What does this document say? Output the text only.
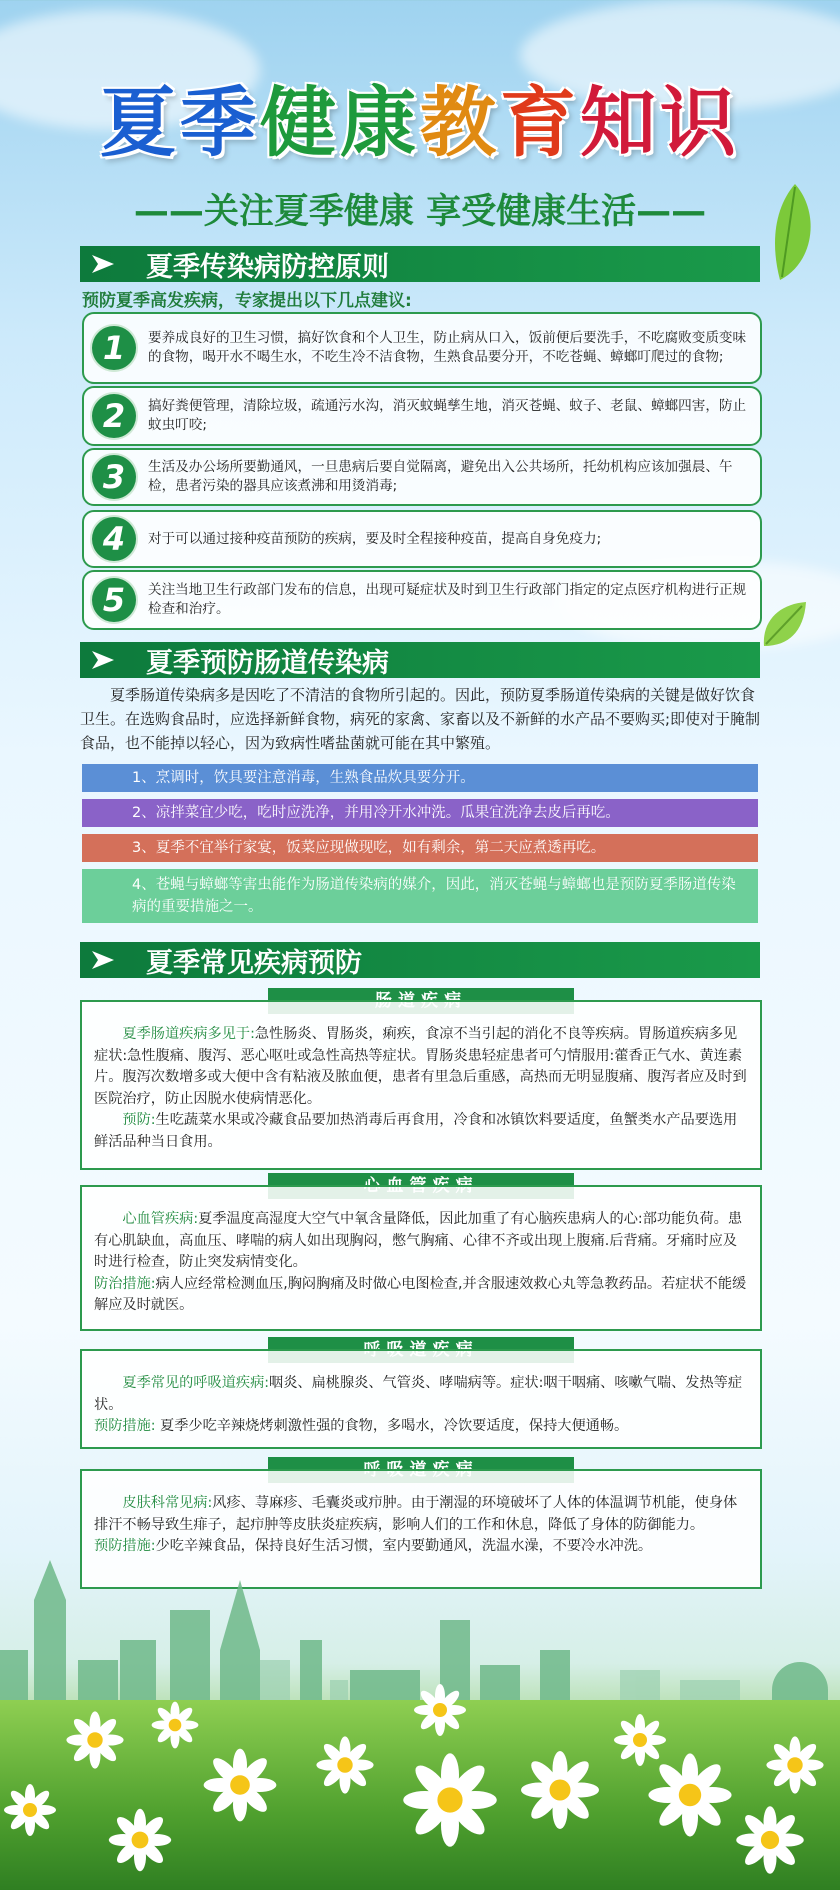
夏季健康教育知识
——关注夏季健康 享受健康生活——
夏季传染病防控原则
预防夏季高发疾病，专家提出以下几点建议:
1	要养成良好的卫生习惯，搞好饮食和个人卫生，防止病从口入，饭前便后要洗手，不吃腐败变质变味的食物，喝开水不喝生水，不吃生冷不洁食物，生熟食品要分开，不吃苍蝇、蟑螂叮爬过的食物;
2	搞好粪便管理，清除垃圾，疏通污水沟，消灭蚊蝇孳生地，消灭苍蝇、蚊子、老鼠、蟑螂四害，防止蚊虫叮咬;
3	生活及办公场所要勤通风，一旦患病后要自觉隔离，避免出入公共场所，托幼机构应该加强晨、午检，患者污染的器具应该煮沸和用烫消毒;
4	对于可以通过接种疫苗预防的疾病，要及时全程接种疫苗，提高自身免疫力;
5	关注当地卫生行政部门发布的信息，出现可疑症状及时到卫生行政部门指定的定点医疗机构进行正规检查和治疗。
夏季预防肠道传染病
夏季肠道传染病多是因吃了不清洁的食物所引起的。因此，预防夏季肠道传染病的关键是做好饮食卫生。在选购食品时，应选择新鲜食物，病死的家禽、家畜以及不新鲜的水产品不要购买;即使对于腌制食品，也不能掉以轻心，因为致病性嗜盐菌就可能在其中繁殖。
1、烹调时，饮具要注意消毒，生熟食品炊具要分开。
2、凉拌菜宜少吃，吃时应洗净，并用冷开水冲洗。瓜果宜洗净去皮后再吃。
3、夏季不宜举行家宴，饭菜应现做现吃，如有剩余，第二天应煮透再吃。
4、苍蝇与蟑螂等害虫能作为肠道传染病的媒介，因此，消灭苍蝇与蟑螂也是预防夏季肠道传染病的重要措施之一。
夏季常见疾病预防
夏季肠道疾病多见于:急性肠炎、胃肠炎，痢疾，食凉不当引起的消化不良等疾病。胃肠道疾病多见症状:急性腹痛、腹泻、恶心呕吐或急性高热等症状。胃肠炎患轻症患者可勺情服用:藿香正气水、黄连素片。腹泻次数增多或大便中含有粘液及脓血便，患者有里急后重感，高热而无明显腹痛、腹泻者应及时到医院治疗，防止因脱水使病情恶化。
预防:生吃蔬菜水果或冷藏食品要加热消毒后再食用，冷食和冰镇饮料要适度，鱼蟹类水产品要选用鲜活品种当日食用。
心血管疾病:夏季温度高湿度大空气中氧含量降低，因此加重了有心脑疾患病人的心:部功能负荷。患有心肌缺血，高血压、哮喘的病人如出现胸闷，憋气胸痛、心律不齐或出现上腹痛.后背痛。牙痛时应及时进行检查，防止突发病情变化。
防治措施:病人应经常检测血压,胸闷胸痛及时做心电图检查,并含服速效救心丸等急教药品。若症状不能缓解应及时就医。
夏季常见的呼吸道疾病:咽炎、扁桃腺炎、气管炎、哮喘病等。症状:咽干咽痛、咳嗽气喘、发热等症状。
预防措施: 夏季少吃辛辣烧烤刺激性强的食物，多喝水，冷饮要适度，保持大便通畅。
皮肤科常见病:风疹、荨麻疹、毛囊炎或疖肿。由于潮湿的环境破坏了人体的体温调节机能，使身体排汗不畅导致生痱子，起疖肿等皮肤炎症疾病，影响人们的工作和休息，降低了身体的防御能力。
预防措施:少吃辛辣食品，保持良好生活习惯，室内要勤通风，洗温水澡，不要冷水冲洗。
